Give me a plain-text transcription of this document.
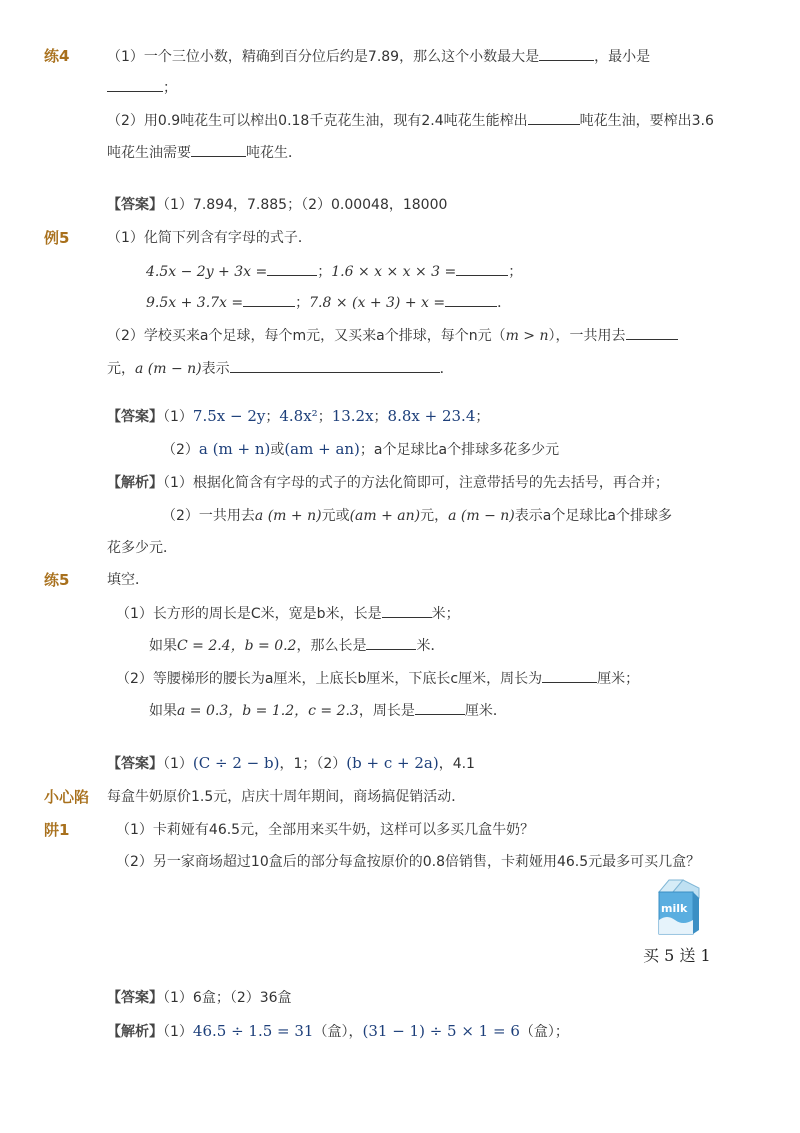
练4	（1）一个三位小数，精确到百分位后约是7.89，那么这个小数最大是	，最小是
；
（2）用0.9吨花生可以榨出0.18千克花生油，现有2.4吨花生能榨出	吨花生油，要榨出3.6
吨花生油需要	吨花生．
【答案】（1）7.894，7.885；（2）0.00048，18000
例5	（1）化简下列含有字母的式子．
4.5x − 2y + 3x =	；1.6 × x × x × 3 =	；
9.5x + 3.7x =	；7.8 × (x + 3) + x =	．
（2）学校买来a个足球，每个m元，又买来a个排球，每个n元（m > n），一共用去
元，a (m − n)表示	．
【答案】（1）7.5x − 2y；4.8x²；13.2x；8.8x + 23.4；
（2）a (m + n)或(am + an)；a个足球比a个排球多花多少元
【解析】（1）根据化简含有字母的式子的方法化简即可，注意带括号的先去括号，再合并；
（2）一共用去a (m + n)元或(am + an)元，a (m − n)表示a个足球比a个排球多
花多少元．
练5	填空．
（1）长方形的周长是C米，宽是b米，长是	米；
如果C = 2.4，b = 0.2，那么长是	米．
（2）等腰梯形的腰长为a厘米，上底长b厘米，下底长c厘米，周长为	厘米；
如果a = 0.3，b = 1.2，c = 2.3，周长是	厘米．
【答案】（1）(C ÷ 2 − b)，1；（2）(b + c + 2a)，4.1
小心陷 每盒牛奶原价1.5元，店庆十周年期间，商场搞促销活动．
阱1	（1）卡莉娅有46.5元，全部用来买牛奶，这样可以多买几盒牛奶？
（2）另一家商场超过10盒后的部分每盒按原价的0.8倍销售，卡莉娅用46.5元最多可买几盒？
milk
买 5 送 1
【答案】（1）6盒；（2）36盒
【解析】（1）46.5 ÷ 1.5 = 31（盒），(31 − 1) ÷ 5 × 1 = 6（盒）；
